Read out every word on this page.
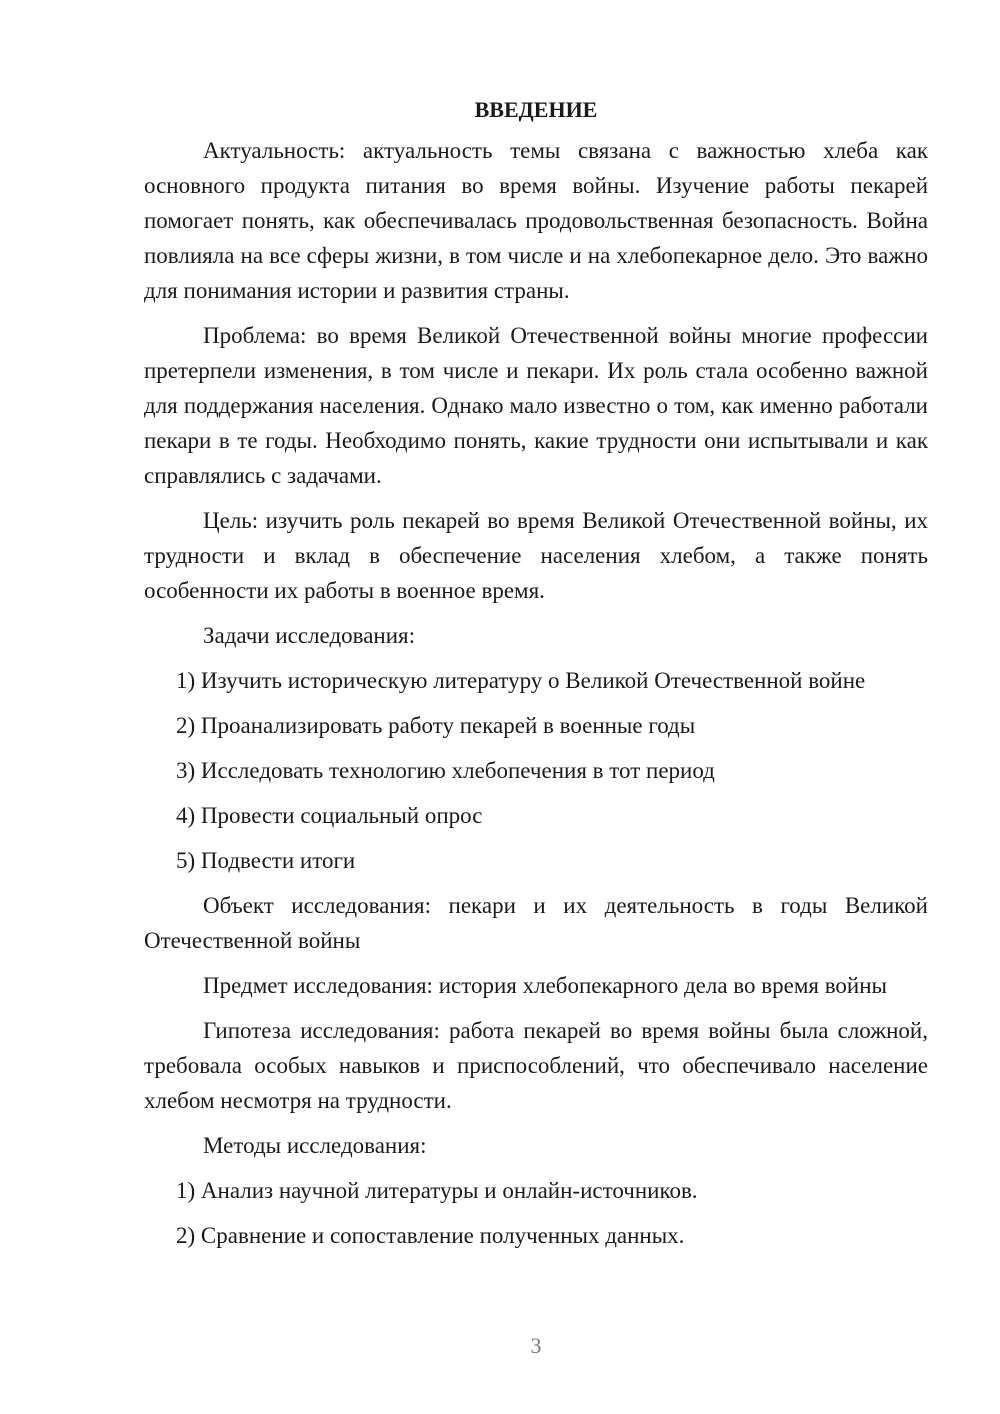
ВВЕДЕНИЕ

Актуальность: актуальность темы связана с важностью хлеба как основного продукта питания во время войны. Изучение работы пекарей помогает понять, как обеспечивалась продовольственная безопасность. Война повлияла на все сферы жизни, в том числе и на хлебопекарное дело. Это важно для понимания истории и развития страны.

Проблема: во время Великой Отечественной войны многие профессии претерпели изменения, в том числе и пекари. Их роль стала особенно важной для поддержания населения. Однако мало известно о том, как именно работали пекари в те годы. Необходимо понять, какие трудности они испытывали и как справлялись с задачами.

Цель: изучить роль пекарей во время Великой Отечественной войны, их трудности и вклад в обеспечение населения хлебом, а также понять особенности их работы в военное время.

Задачи исследования:

1) Изучить историческую литературу о Великой Отечественной войне

2) Проанализировать работу пекарей в военные годы

3) Исследовать технологию хлебопечения в тот период

4) Провести социальный опрос

5) Подвести итоги

Объект исследования: пекари и их деятельность в годы Великой Отечественной войны

Предмет исследования: история хлебопекарного дела во время войны

Гипотеза исследования: работа пекарей во время войны была сложной, требовала особых навыков и приспособлений, что обеспечивало население хлебом несмотря на трудности.

Методы исследования:

1) Анализ научной литературы и онлайн-источников.

2) Сравнение и сопоставление полученных данных.

3
